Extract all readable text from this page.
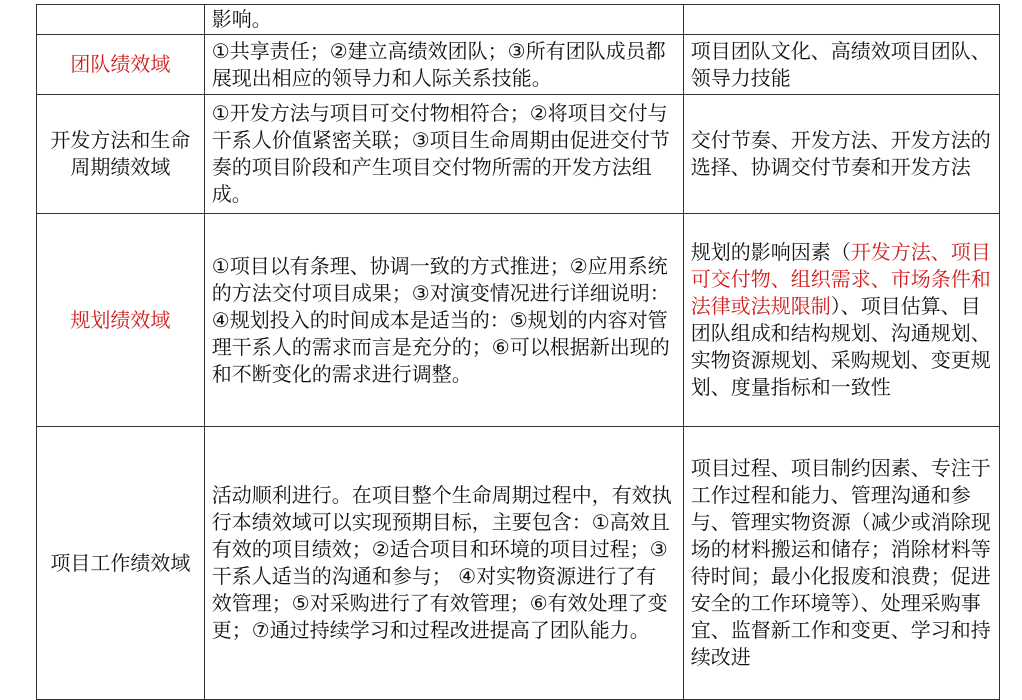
	影响。	
团队绩效域	①共享责任；②建立高绩效团队；③所有团队成员都展现出相应的领导力和人际关系技能。	项目团队文化、高绩效项目团队、领导力技能
开发方法和生命周期绩效域	①开发方法与项目可交付物相符合；②将项目交付与干系人价值紧密关联；③项目生命周期由促进交付节奏的项目阶段和产生项目交付物所需的开发方法组成。	交付节奏、开发方法、开发方法的选择、协调交付节奏和开发方法
规划绩效域	①项目以有条理、协调一致的方式推进；②应用系统的方法交付项目成果；③对演变情况进行详细说明：④规划投入的时间成本是适当的：⑤规划的内容对管理干系人的需求而言是充分的；⑥可以根据新出现的和不断变化的需求进行调整。	规划的影响因素（开发方法、项目可交付物、组织需求、市场条件和法律或法规限制）、项目估算、目团队组成和结构规划、沟通规划、实物资源规划、采购规划、变更规划、度量指标和一致性
项目工作绩效域	活动顺利进行。在项目整个生命周期过程中，有效执行本绩效域可以实现预期目标，主要包含：①高效且有效的项目绩效；②适合项目和环境的项目过程；③干系人适当的沟通和参与； ④对实物资源进行了有效管理；⑤对采购进行了有效管理；⑥有效处理了变更；⑦通过持续学习和过程改进提高了团队能力。	项目过程、项目制约因素、专注于工作过程和能力、管理沟通和参与、管理实物资源（减少或消除现场的材料搬运和储存；消除材料等待时间；最小化报废和浪费；促进安全的工作环境等）、处理采购事宜、监督新工作和变更、学习和持续改进
